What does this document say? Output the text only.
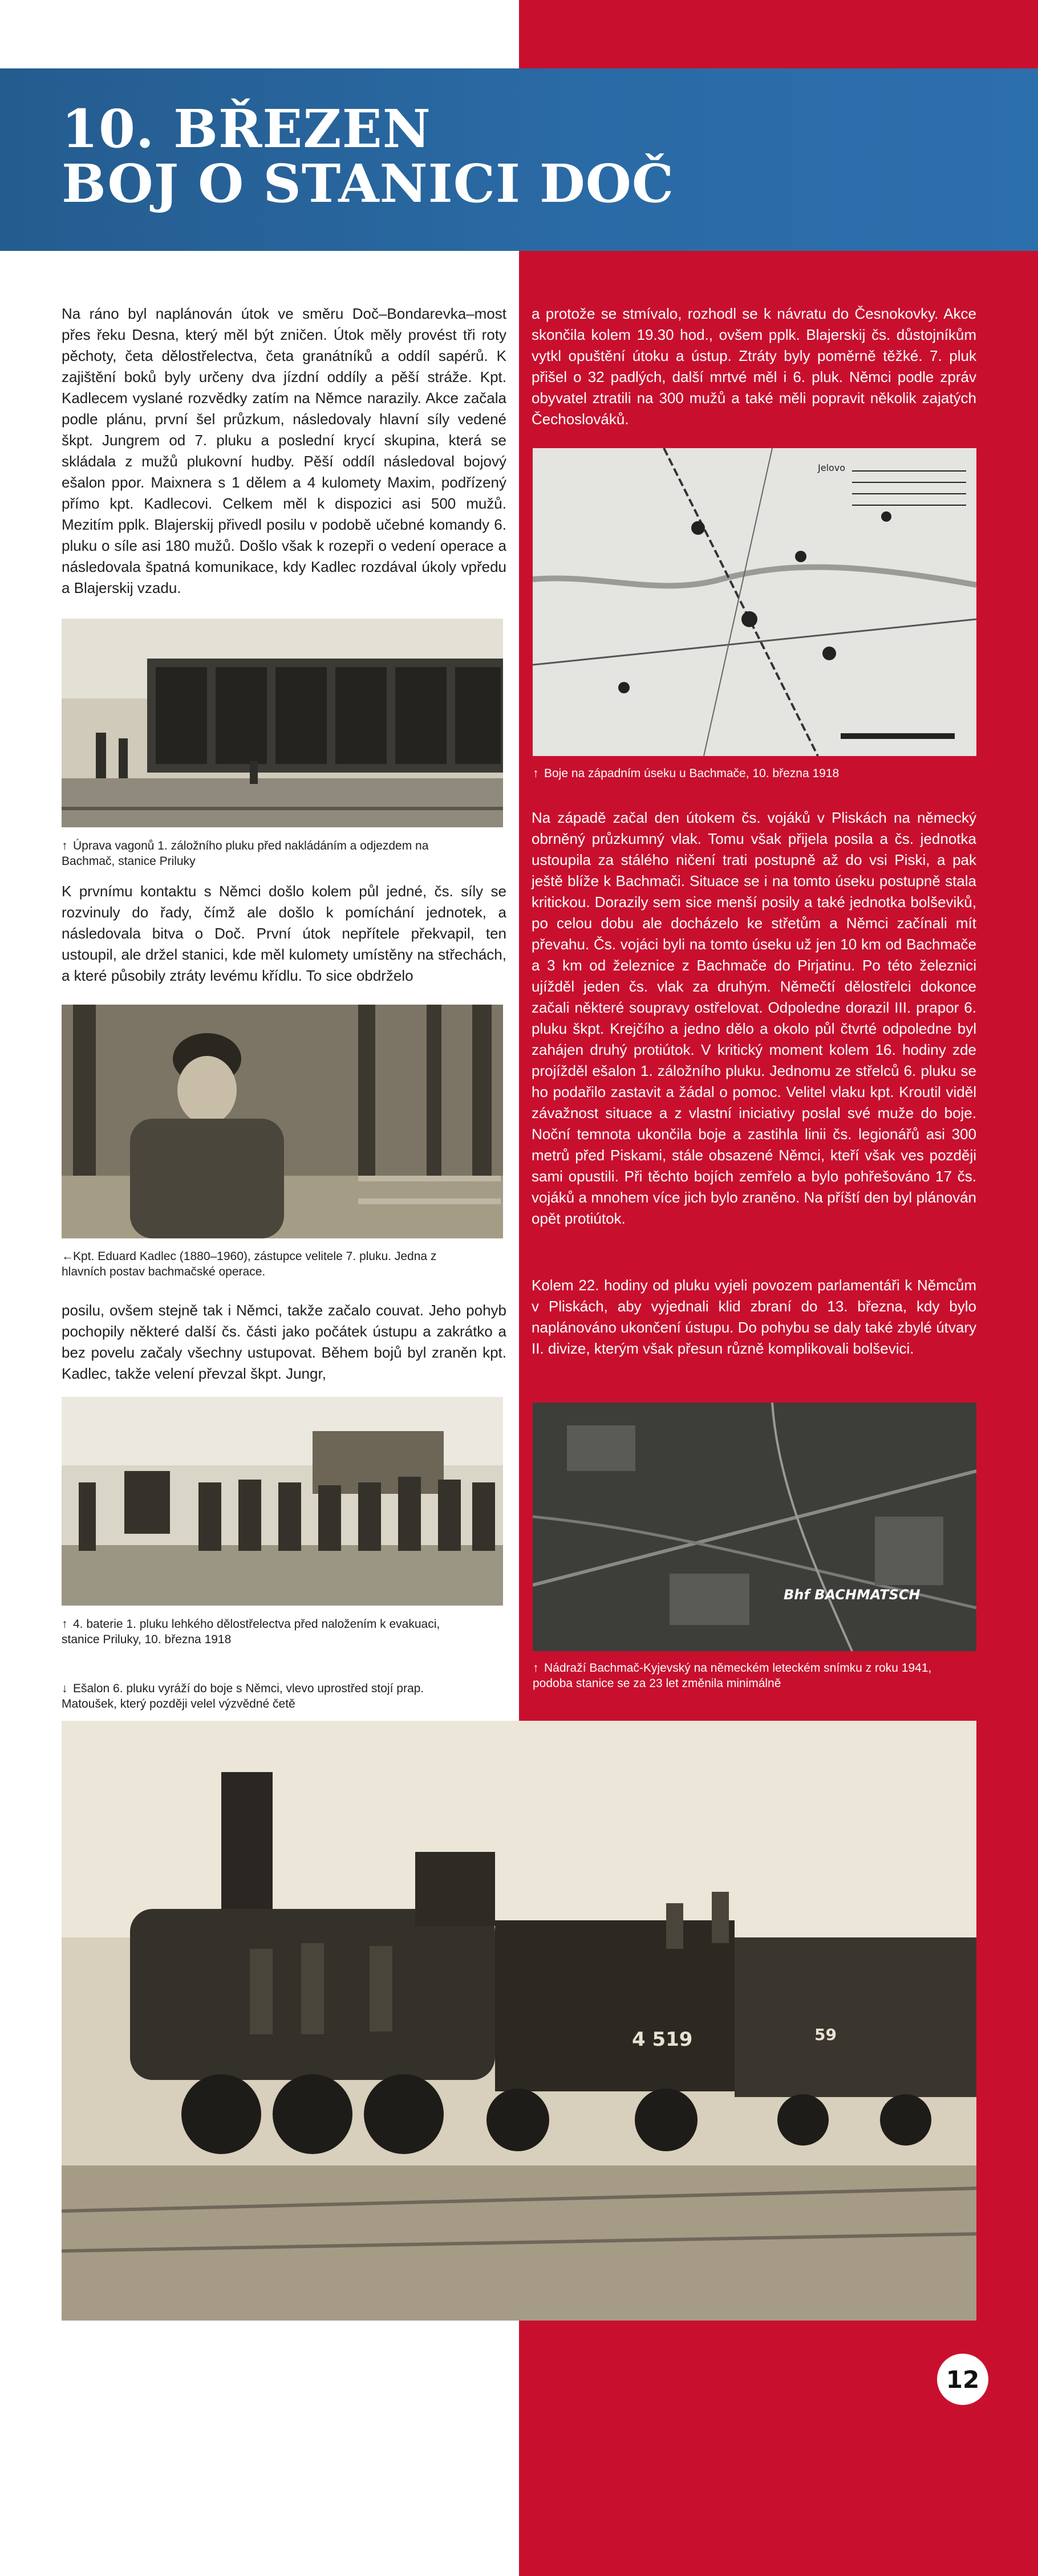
10. BŘEZEN
BOJ O STANICI DOČ

Na ráno byl naplánován útok ve směru Doč–Bondarevka–most přes řeku Desna, který měl být zničen. Útok měly provést tři roty pěchoty, četa dělostřelectva, četa granátníků a oddíl sapérů. K zajištění boků byly určeny dva jízdní oddíly a pěší stráže. Kpt. Kadlecem vyslané rozvědky zatím na Němce narazily. Akce začala podle plánu, první šel průzkum, následovaly hlavní síly vedené škpt. Jungrem od 7. pluku a poslední krycí skupina, která se skládala z mužů plukovní hudby. Pěší oddíl následoval bojový ešalon ppor. Maixnera s 1 dělem a 4 kulomety Maxim, podřízený přímo kpt. Kadlecovi. Celkem měl k dispozici asi 500 mužů. Mezitím pplk. Blajerskij přivedl posilu v podobě učebné komandy 6. pluku o síle asi 180 mužů. Došlo však k rozepři o vedení operace a následovala špatná komunikace, kdy Kadlec rozdával úkoly vpředu a Blajerskij vzadu.

↑ Úprava vagonů 1. záložního pluku před nakládáním a odjezdem na Bachmač, stanice Priluky

K prvnímu kontaktu s Němci došlo kolem půl jedné, čs. síly se rozvinuly do řady, čímž ale došlo k pomíchání jednotek, a následovala bitva o Doč. První útok nepřítele překvapil, ten ustoupil, ale držel stanici, kde měl kulomety umístěny na střechách, a které působily ztráty levému křídlu. To sice obdrželo

←Kpt. Eduard Kadlec (1880–1960), zástupce velitele 7. pluku. Jedna z hlavních postav bachmačské operace.

posilu, ovšem stejně tak i Němci, takže začalo couvat. Jeho pohyb pochopily některé další čs. části jako počátek ústupu a zakrátko a bez povelu začaly všechny ustupovat. Během bojů byl zraněn kpt. Kadlec, takže velení převzal škpt. Jungr,

↑ 4. baterie 1. pluku lehkého dělostřelectva před naložením k evakuaci, stanice Priluky, 10. března 1918

↓ Ešalon 6. pluku vyráží do boje s Němci, vlevo uprostřed stojí prap. Matoušek, který později velel výzvědné četě

a protože se stmívalo, rozhodl se k návratu do Česnokovky. Akce skončila kolem 19.30 hod., ovšem pplk. Blajerskij čs. důstojníkům vytkl opuštění útoku a ústup. Ztráty byly poměrně těžké. 7. pluk přišel o 32 padlých, další mrtvé měl i 6. pluk. Němci podle zpráv obyvatel ztratili na 300 mužů a také měli popravit několik zajatých Čechoslováků.

Jelovo

↑ Boje na západním úseku u Bachmače, 10. března 1918

Na západě začal den útokem čs. vojáků v Pliskách na německý obrněný průzkumný vlak. Tomu však přijela posila a čs. jednotka ustoupila za stálého ničení trati postupně až do vsi Piski, a pak ještě blíže k Bachmači. Situace se i na tomto úseku postupně stala kritickou. Dorazily sem sice menší posily a také jednotka bolševiků, po celou dobu ale docházelo ke střetům a Němci začínali mít převahu. Čs. vojáci byli na tomto úseku už jen 10 km od Bachmače a 3 km od železnice z Bachmače do Pirjatinu. Po této železnici ujížděl jeden čs. vlak za druhým. Němečtí dělostřelci dokonce začali některé soupravy ostřelovat. Odpoledne dorazil III. prapor 6. pluku škpt. Krejčího a jedno dělo a okolo půl čtvrté odpoledne byl zahájen druhý protiútok. V kritický moment kolem 16. hodiny zde projížděl ešalon 1. záložního pluku. Jednomu ze střelců 6. pluku se ho podařilo zastavit a žádal o pomoc. Velitel vlaku kpt. Kroutil viděl závažnost situace a z vlastní iniciativy poslal své muže do boje. Noční temnota ukončila boje a zastihla linii čs. legionářů asi 300 metrů před Piskami, stále obsazené Němci, kteří však ves později sami opustili. Při těchto bojích zemřelo a bylo pohřešováno 17 čs. vojáků a mnohem více jich bylo zraněno. Na příští den byl plánován opět protiútok.

Kolem 22. hodiny od pluku vyjeli povozem parlamentáři k Němcům v Pliskách, aby vyjednali klid zbraní do 13. března, kdy bylo naplánováno ukončení ústupu. Do pohybu se daly také zbylé útvary II. divize, kterým však přesun různě komplikovali bolševici.

Bhf BACHMATSCH

↑ Nádraží Bachmač-Kyjevský na německém leteckém snímku z roku 1941, podoba stanice se za 23 let změnila minimálně

4 519	59
12
